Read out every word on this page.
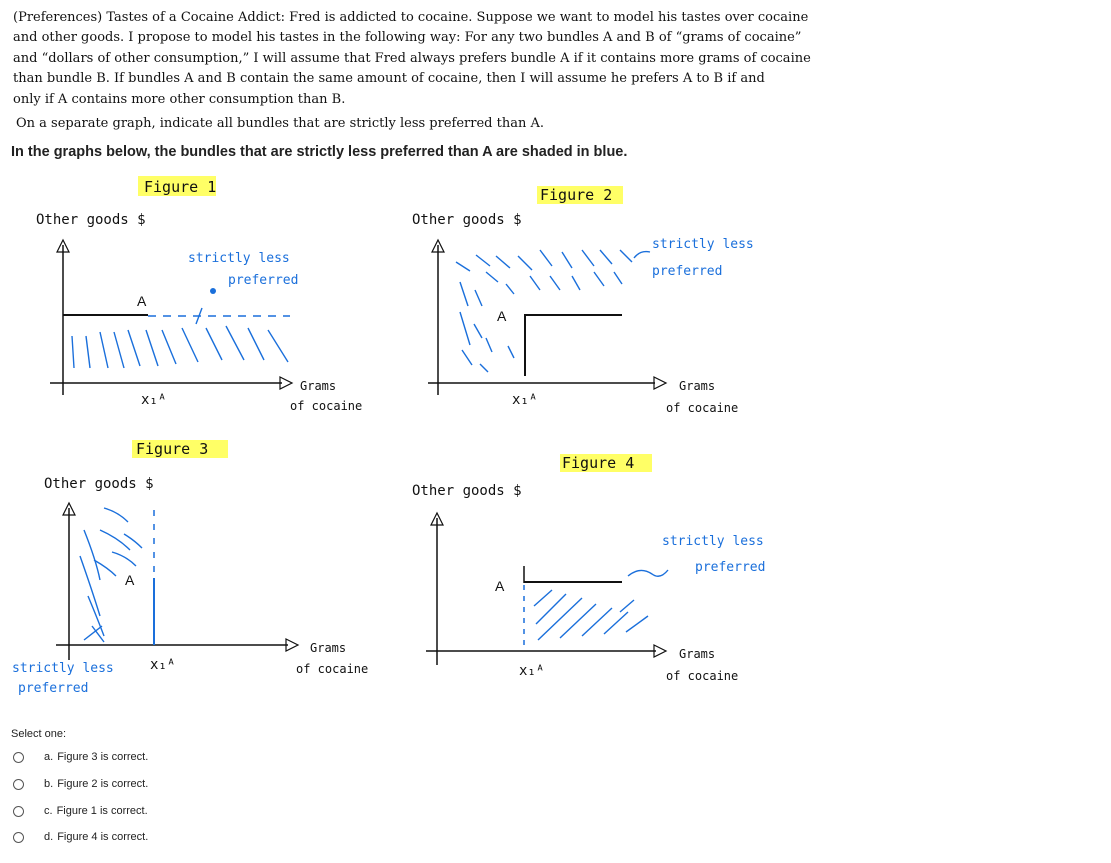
(Preferences) Tastes of a Cocaine Addict: Fred is addicted to cocaine. Suppose we want to model his tastes over cocaine
and other goods. I propose to model his tastes in the following way: For any two bundles A and B of “grams of cocaine”
and “dollars of other consumption,” I will assume that Fred always prefers bundle A if it contains more grams of cocaine
than bundle B. If bundles A and B contain the same amount of cocaine, then I will assume he prefers A to B if and
only if A contains more other consumption than B.
On a separate graph, indicate all bundles that are strictly less preferred than A.
In the graphs below, the bundles that are strictly less preferred than A are shaded in blue.
Figure 1
Other goods $
Grams
of cocaine
x₁ᴬ
A
strictly less
preferred
Figure 2
Other goods $
Grams
of cocaine
x₁ᴬ
A
strictly less
preferred
Figure 3
Other goods $
Grams
of cocaine
x₁ᴬ
A
strictly less
preferred
Figure 4
Other goods $
Grams
of cocaine
x₁ᴬ
A
strictly less
preferred
Select one:
a. Figure 3 is correct.
b. Figure 2 is correct.
c. Figure 1 is correct.
d. Figure 4 is correct.
